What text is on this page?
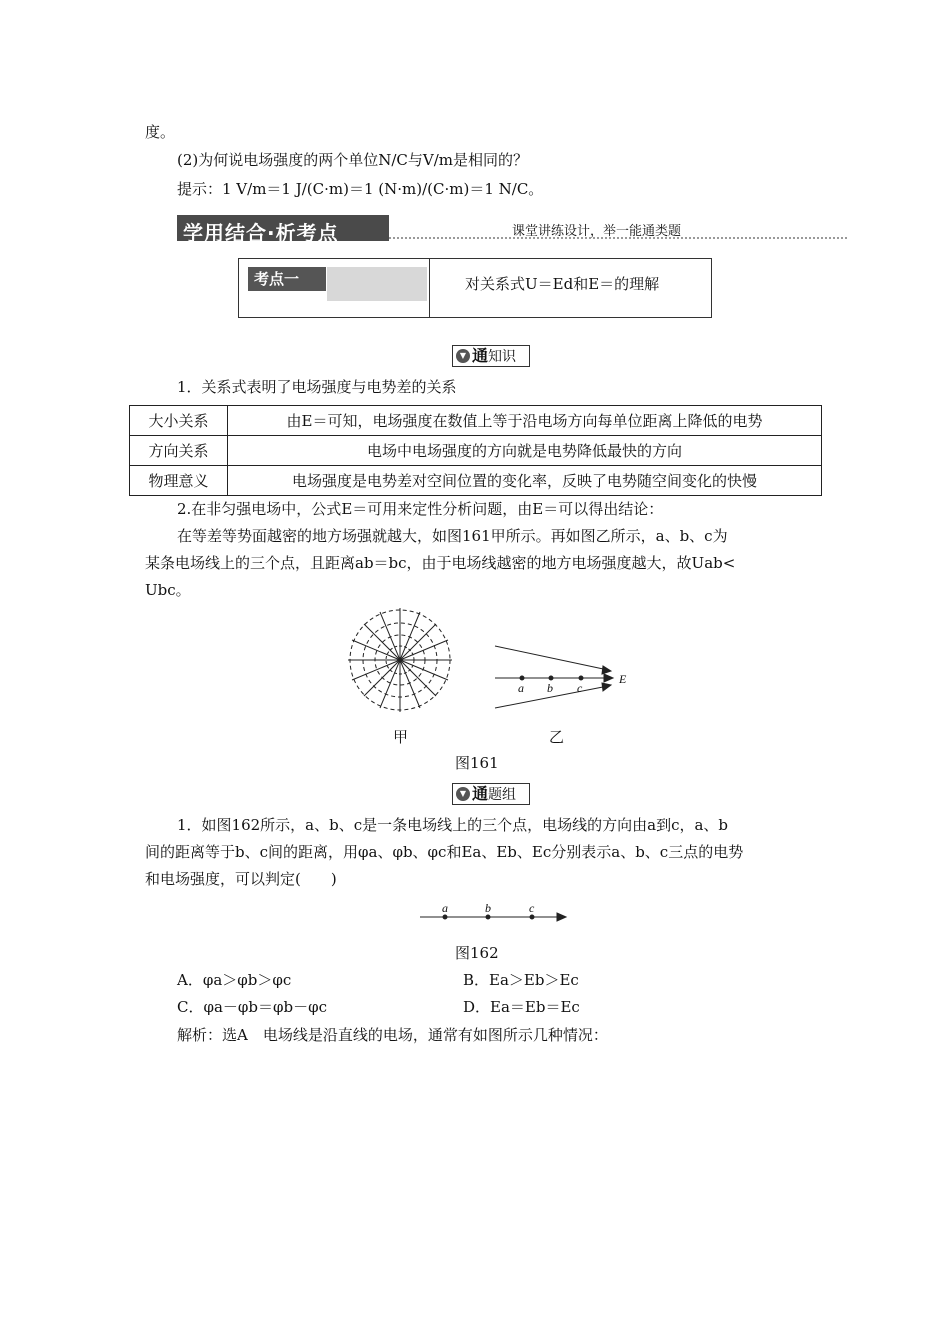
度。
(2)为何说电场强度的两个单位N/C与V/m是相同的？
提示：1 V/m＝1 J/(C·m)＝1 (N·m)/(C·m)＝1 N/C。
学用结合·析考点	课堂讲练设计，举一能通类题
考点一	对关系式U＝Ed和E＝的理解
▼ 通知识
1．关系式表明了电场强度与电势差的关系
大小关系	由E＝可知，电场强度在数值上等于沿电场方向每单位距离上降低的电势
方向关系	电场中电场强度的方向就是电势降低最快的方向
物理意义	电场强度是电势差对空间位置的变化率，反映了电势随空间变化的快慢
2.在非匀强电场中，公式E＝可用来定性分析问题，由E＝可以得出结论：
在等差等势面越密的地方场强就越大，如图161甲所示。再如图乙所示，a、b、c为
某条电场线上的三个点，且距离ab＝bc，由于电场线越密的地方电场强度越大，故Uab<
Ubc。
a b c
E
甲	乙
图161
▼ 通题组
1．如图162所示，a、b、c是一条电场线上的三个点，电场线的方向由a到c，a、b
间的距离等于b、c间的距离，用φa、φb、φc和Ea、Eb、Ec分别表示a、b、c三点的电势
和电场强度，可以判定(　　)
a	b	c
图162
A．φa＞φb＞φc	B．Ea＞Eb＞Ec
C．φa－φb＝φb－φc	D．Ea＝Eb＝Ec
解析：选A　电场线是沿直线的电场，通常有如图所示几种情况：
